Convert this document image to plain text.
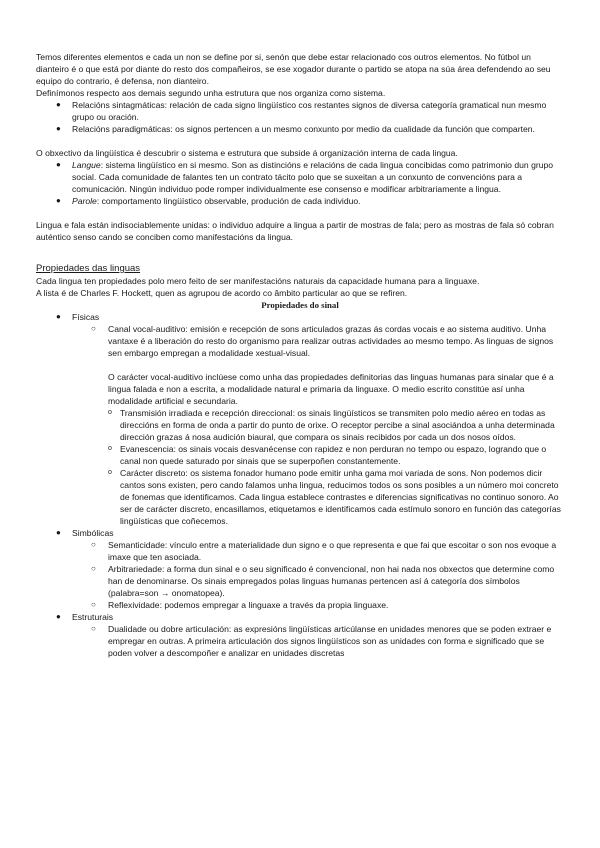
Temos diferentes elementos e cada un non se define por si, senón que debe estar relacionado cos outros elementos. No fútbol un dianteiro é o que está por diante do resto dos compañeiros, se ese xogador durante o partido se atopa na súa área defendendo ao seu equipo do contrario, é defensa, non dianteiro.

Definímonos respecto aos demais segundo unha estrutura que nos organiza como sistema.

● Relacións sintagmáticas: relación de cada signo lingüístico cos restantes signos de diversa categoría gramatical nun mesmo grupo ou oración.
● Relacións paradigmáticas: os signos pertencen a un mesmo conxunto por medio da cualidade da función que comparten.

O obxectivo da lingüística é descubrir o sistema e estrutura que subside á organización interna de cada lingua.

● Langue: sistema lingüístico en si mesmo. Son as distincións e relacións de cada lingua concibidas como patrimonio dun grupo social. Cada comunidade de falantes ten un contrato tácito polo que se suxeitan a un conxunto de convencións para a comunicación. Ningún individuo pode romper individualmente ese consenso e modificar arbitrariamente a lingua.
● Parole: comportamento lingüístico observable, produción de cada individuo.

Lingua e fala están indisociablemente unidas: o individuo adquire a lingua a partir de mostras de fala; pero as mostras de fala só cobran auténtico senso cando se conciben como manifestacións da lingua.

Propiedades das linguas

Cada lingua ten propiedades polo mero feito de ser manifestacións naturais da capacidade humana para a linguaxe.

A lista é de Charles F. Hockett, quen as agrupou de acordo co âmbito particular ao que se refiren.

Propiedades do sinal

● Físicas
○ Canal vocal-auditivo: emisión e recepción de sons articulados grazas ás cordas vocais e ao sistema auditivo. Unha vantaxe é a liberación do resto do organismo para realizar outras actividades ao mesmo tempo. As linguas de signos sen embargo empregan a modalidade xestual-visual.

O carácter vocal-auditivo inclúese como unha das propiedades definitorias das linguas humanas para sinalar que é a lingua falada e non a escrita, a modalidade natural e primaria da linguaxe. O medio escrito constitúe así unha modalidade artificial e secundaria.

o Transmisión irradiada e recepción direccional: os sinais lingüísticos se transmiten polo medio aéreo en todas as direccións en forma de onda a partir do punto de orixe. O receptor percibe a sinal asociándoa a unha determinada dirección grazas á nosa audición biaural, que compara os sinais recibidos por cada un dos nosos oídos.
o Evanescencia: os sinais vocais desvanécense con rapidez e non perduran no tempo ou espazo, logrando que o canal non quede saturado por sinais que se superpoñen constantemente.
o Carácter discreto: os sistema fonador humano pode emitir unha gama moi variada de sons. Non podemos dicir cantos sons existen, pero cando falamos unha lingua, reducimos todos os sons posibles a un número moi concreto de fonemas que identificamos. Cada lingua establece contrastes e diferencias significativas no continuo sonoro. Ao ser de carácter discreto, encasillamos, etiquetamos e identificamos cada estímulo sonoro en función das categorías lingüísticas que coñecemos.
● Simbólicas
○ Semanticidade: vínculo entre a materialidade dun signo e o que representa e que fai que escoitar o son nos evoque a imaxe que ten asociada.
○ Arbitrariedade: a forma dun sinal e o seu significado é convencional, non hai nada nos obxectos que determine como han de denominarse. Os sinais empregados polas linguas humanas pertencen así á categoría dos símbolos (palabra=son → onomatopea).
○ Reflexividade: podemos empregar a linguaxe a través da propia linguaxe.
● Estruturais
○ Dualidade ou dobre articulación: as expresións lingüísticas articúlanse en unidades menores que se poden extraer e empregar en outras. A primeira articulación dos signos lingüísticos son as unidades con forma e significado que se poden volver a descompoñer e analizar en unidades discretas
